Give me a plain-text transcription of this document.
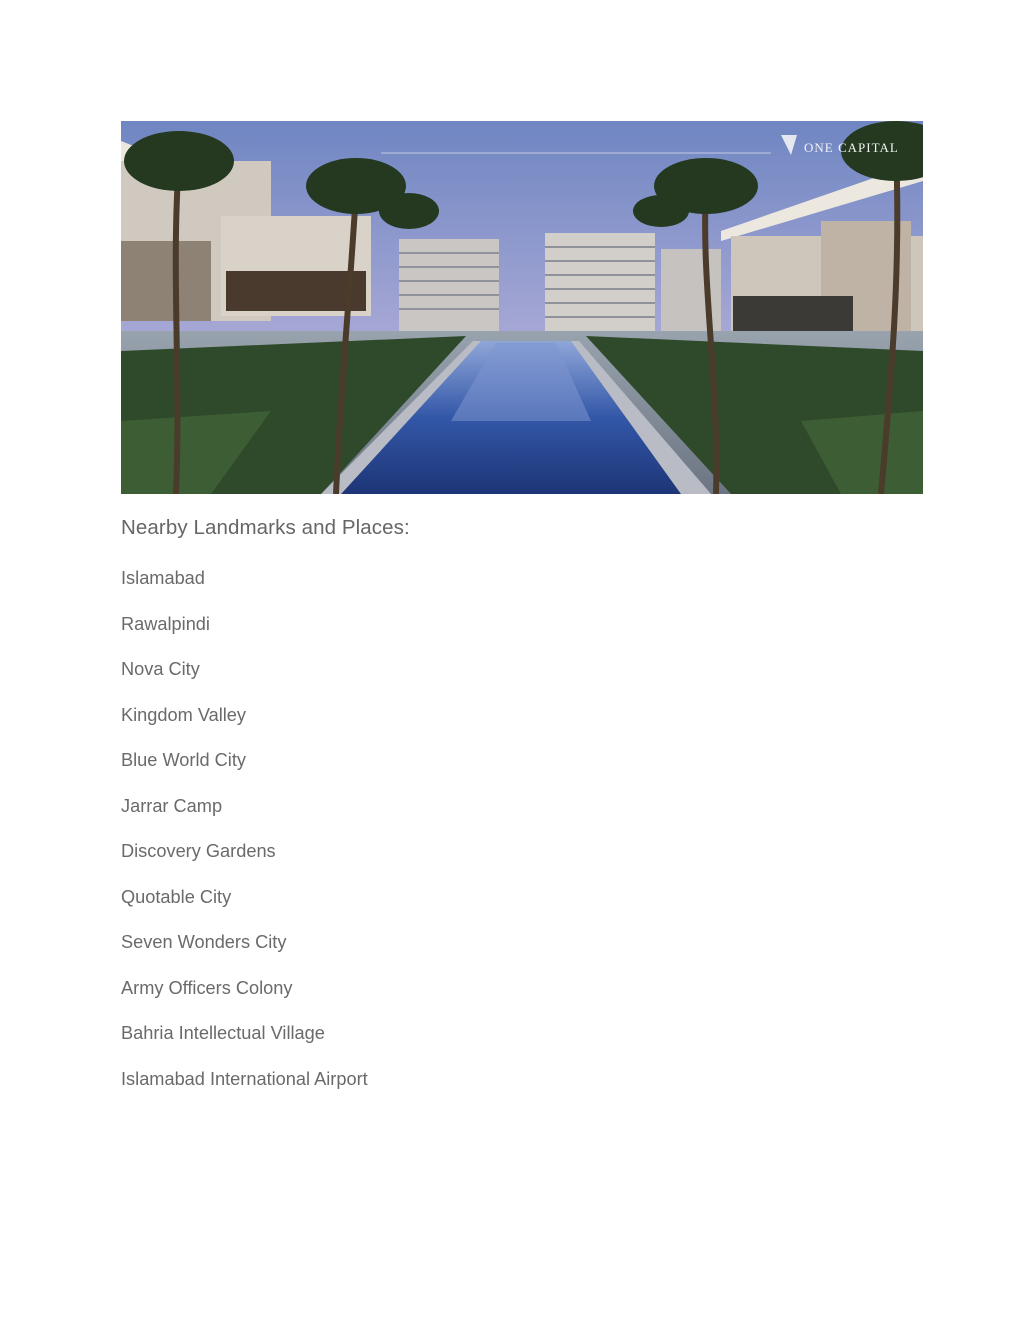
ONE CAPITAL
Nearby Landmarks and Places:
Islamabad
Rawalpindi
Nova City
Kingdom Valley
Blue World City
Jarrar Camp
Discovery Gardens
Quotable City
Seven Wonders City
Army Officers Colony
Bahria Intellectual Village
Islamabad International Airport
